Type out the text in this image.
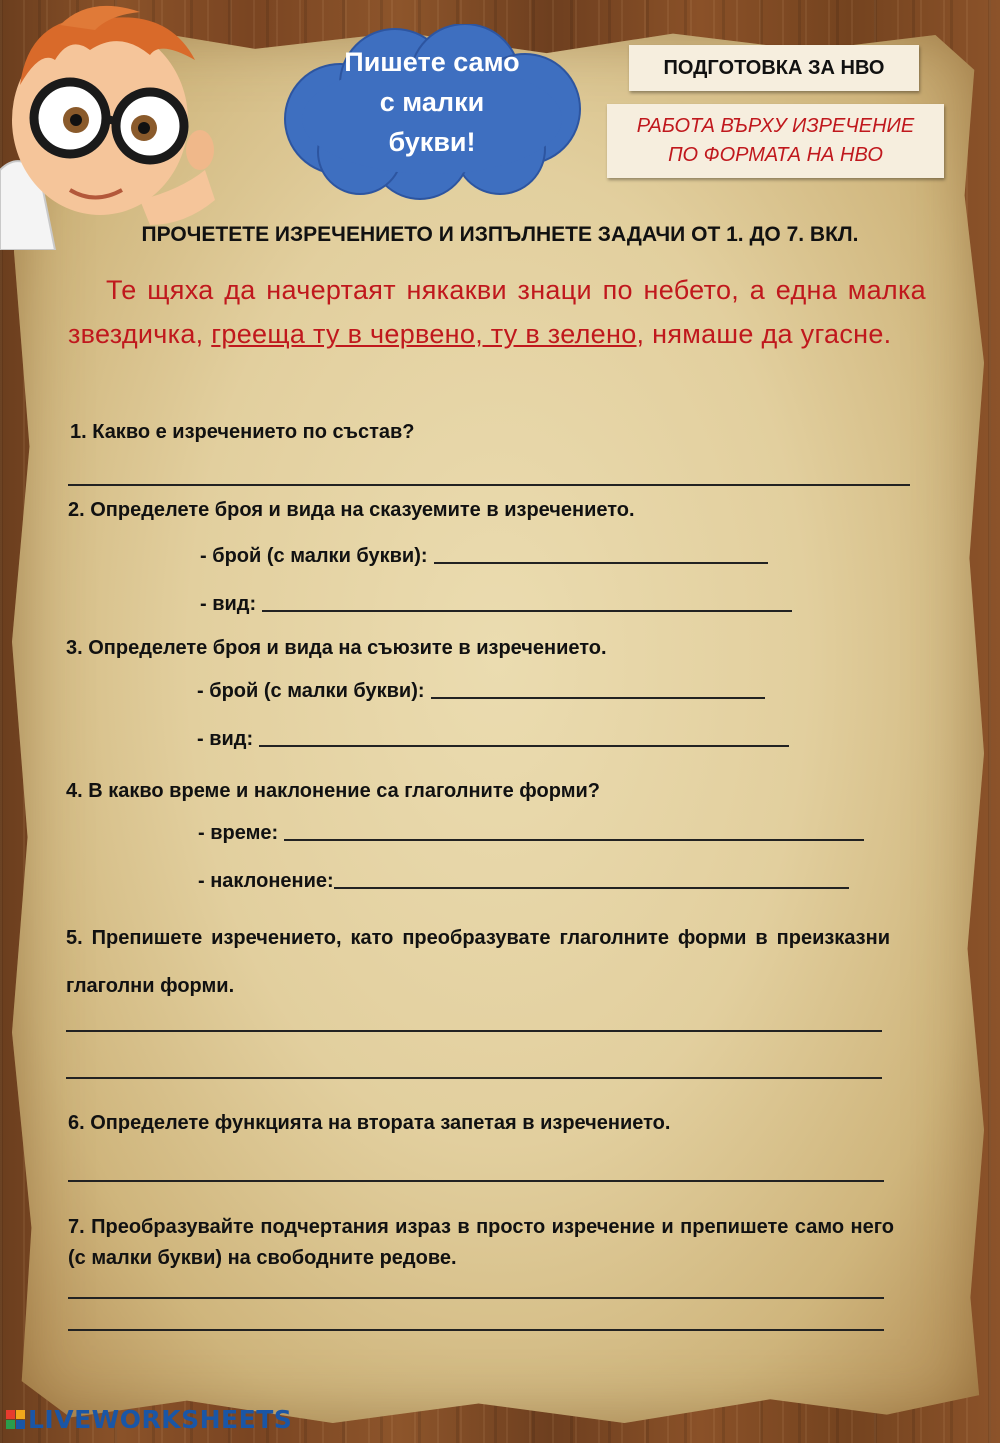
Пишете само
с малки
букви!
ПОДГОТОВКА ЗА НВО
РАБОТА ВЪРХУ ИЗРЕЧЕНИЕ
ПО ФОРМАТА НА НВО
ПРОЧЕТЕТЕ ИЗРЕЧЕНИЕТО И ИЗПЪЛНЕТЕ ЗАДАЧИ ОТ 1. ДО 7. ВКЛ.
Те щяха да начертаят някакви знаци по небето, а една малка звездичка, грееща ту в червено, ту в зелено, нямаше да угасне.
1. Какво е изречението по състав?
2. Определете броя и вида на сказуемите в изречението.
- брой (с малки букви):
- вид:
3. Определете броя и вида на съюзите в изречението.
- брой (с малки букви):
- вид:
4. В какво време и наклонение са глаголните форми?
- време:
- наклонение:
5. Препишете изречението, като преобразувате глаголните форми в преизказни глаголни форми.
6. Определете функцията на втората запетая в изречението.
7. Преобразувайте подчертания израз в просто изречение и препишете само него (с малки букви) на свободните редове.
LIVEWORKSHEETS
